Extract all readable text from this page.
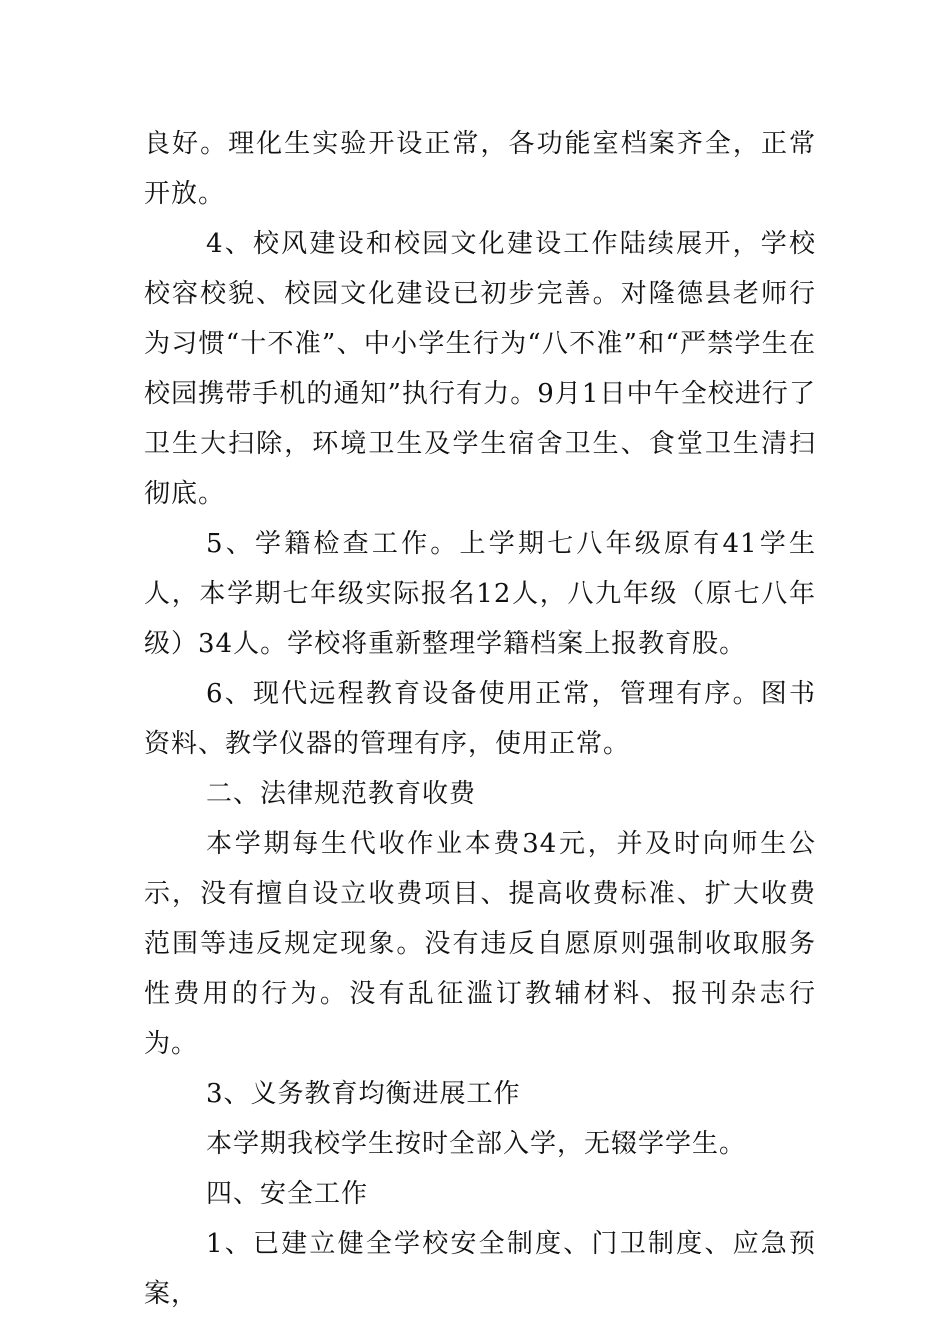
良好。理化生实验开设正常，各功能室档案齐全，正常开放。

4、校风建设和校园文化建设工作陆续展开，学校校容校貌、校园文化建设已初步完善。对隆德县老师行为习惯“十不准”、中小学生行为“八不准”和“严禁学生在校园携带手机的通知”执行有力。9月1日中午全校进行了卫生大扫除，环境卫生及学生宿舍卫生、食堂卫生清扫彻底。

5、学籍检查工作。上学期七八年级原有41学生人，本学期七年级实际报名12人，八九年级（原七八年级）34人。学校将重新整理学籍档案上报教育股。

6、现代远程教育设备使用正常，管理有序。图书资料、教学仪器的管理有序，使用正常。

二、法律规范教育收费

本学期每生代收作业本费34元，并及时向师生公示，没有擅自设立收费项目、提高收费标准、扩大收费范围等违反规定现象。没有违反自愿原则强制收取服务性费用的行为。没有乱征滥订教辅材料、报刊杂志行为。

3、义务教育均衡进展工作

本学期我校学生按时全部入学，无辍学学生。

四、安全工作

1、已建立健全学校安全制度、门卫制度、应急预案，
